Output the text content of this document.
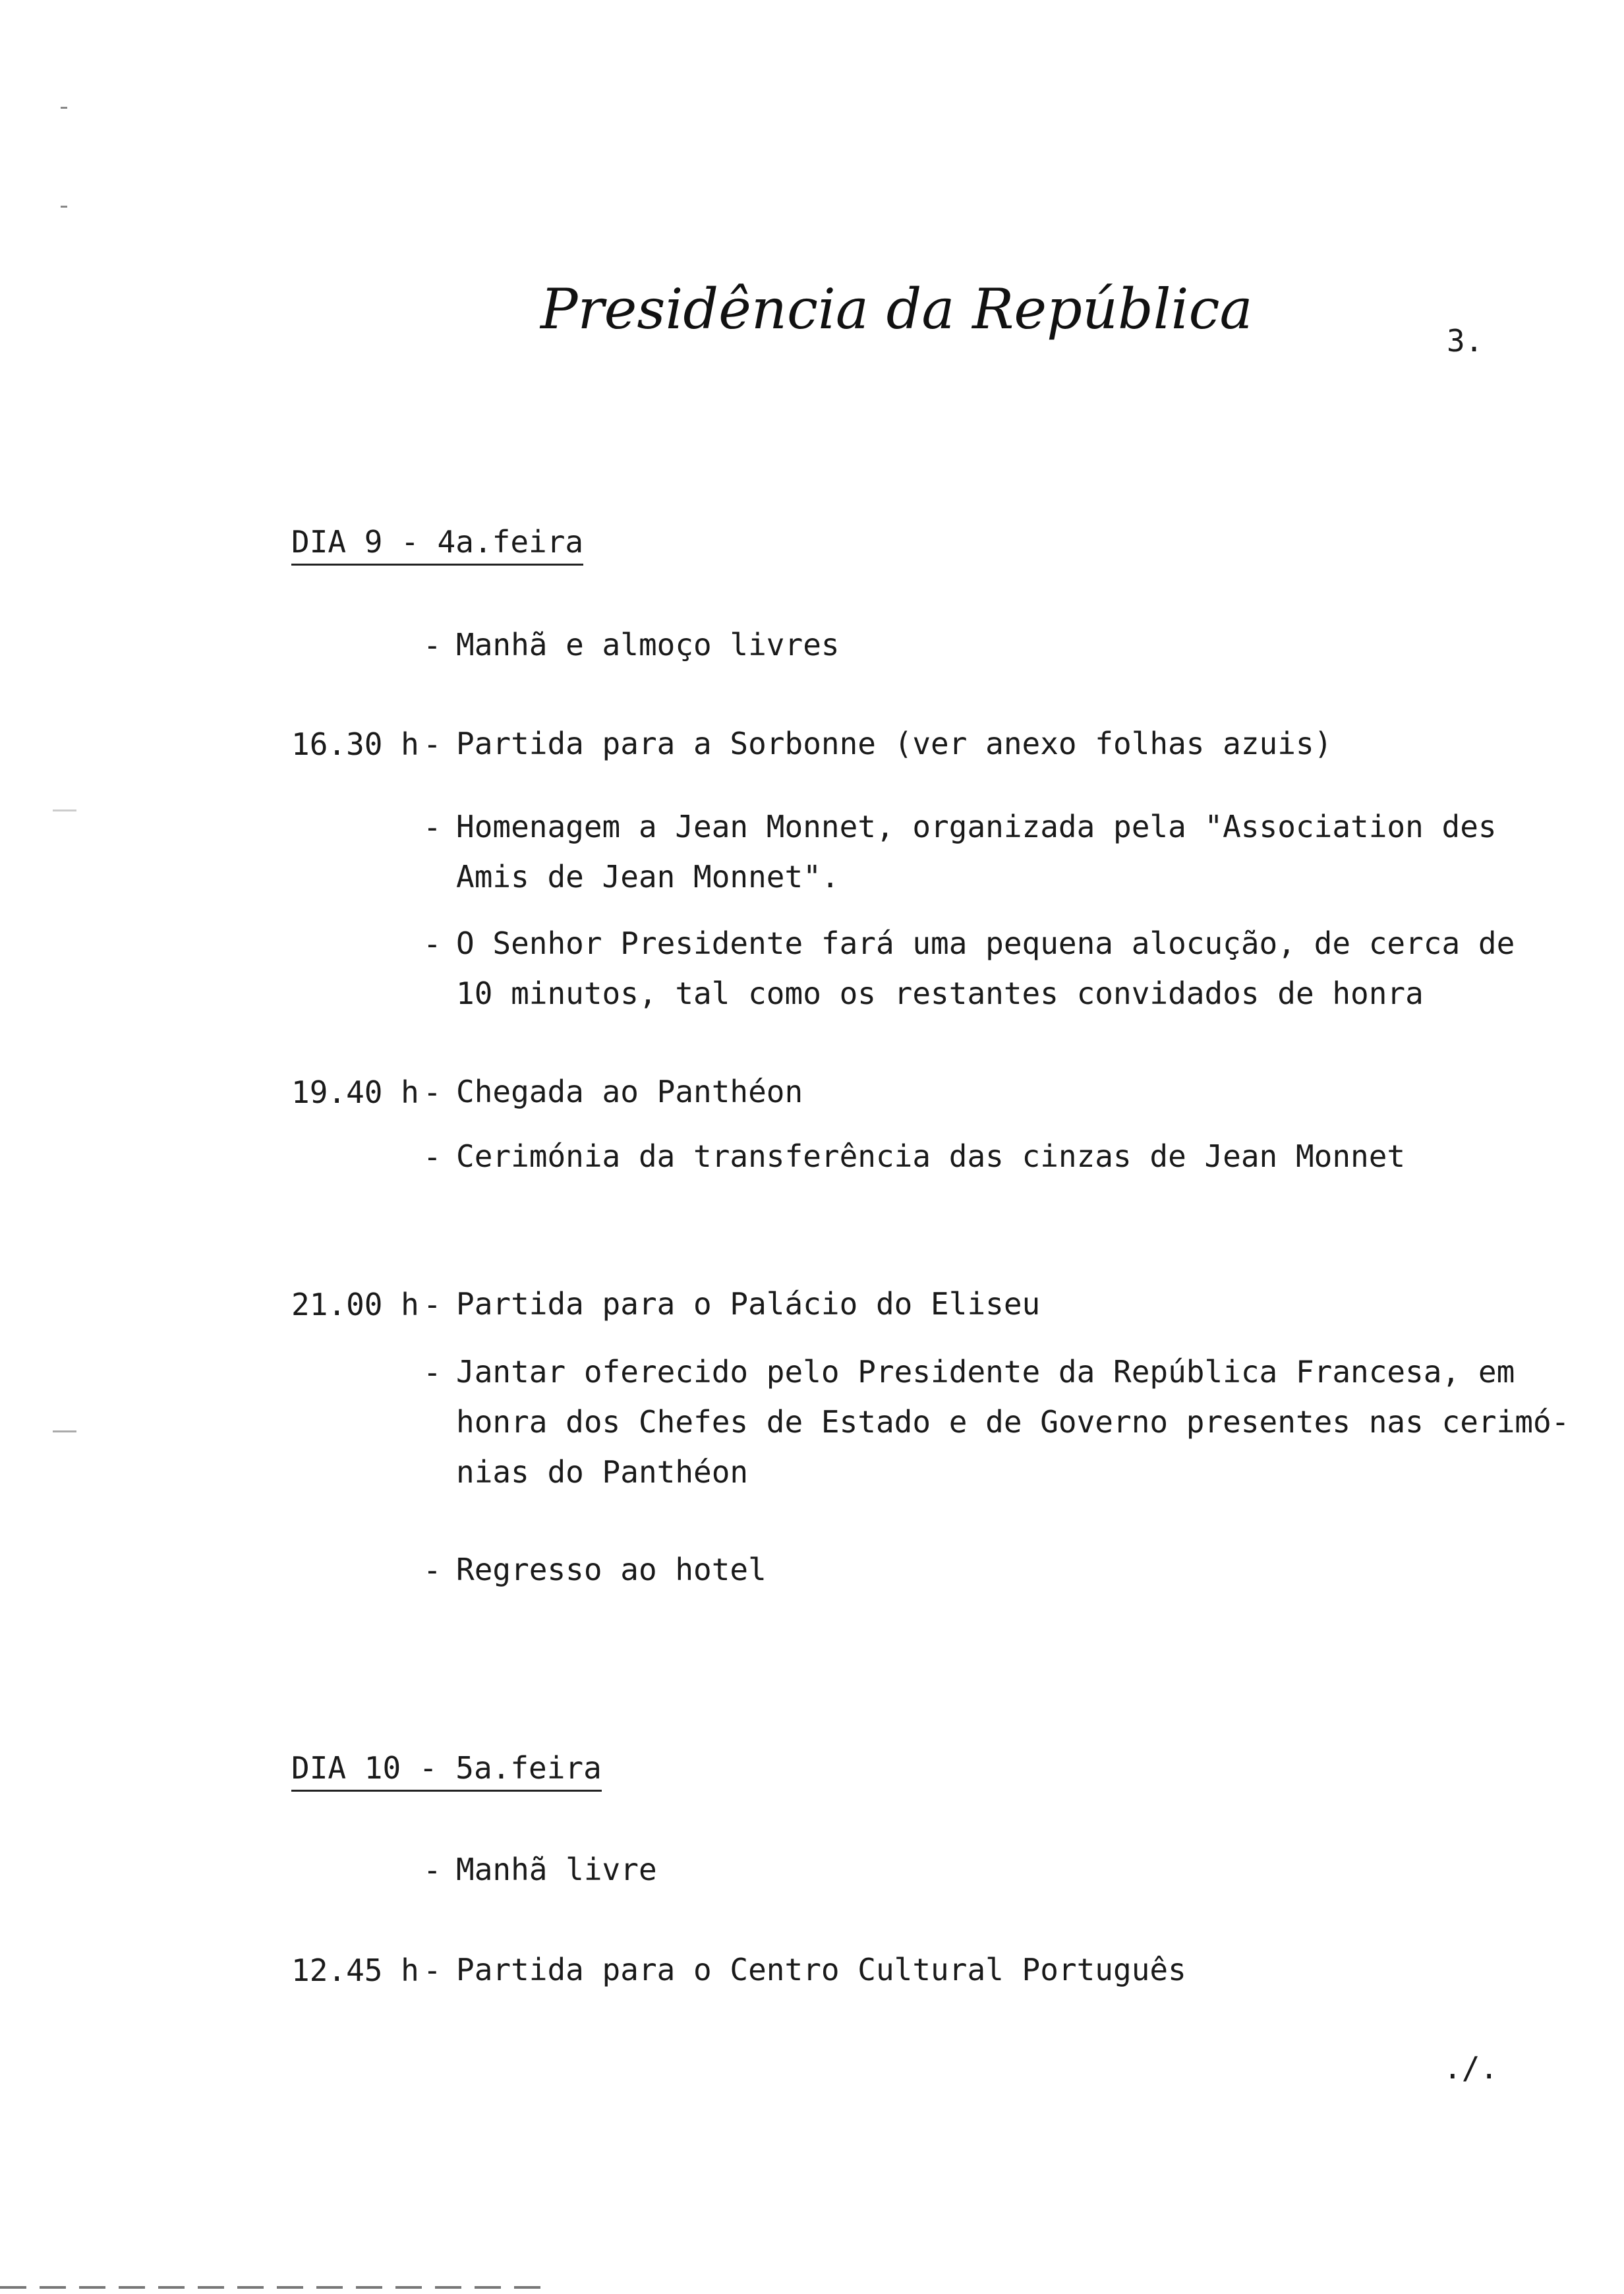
Presidência da República	3.
DIA 9 - 4a.feira
- Manhã e almoço livres
16.30 h - Partida para a Sorbonne (ver anexo folhas azuis)
- Homenagem a Jean Monnet, organizada pela "Association des
Amis de Jean Monnet".
- O Senhor Presidente fará uma pequena alocução, de cerca de
10 minutos, tal como os restantes convidados de honra
19.40 h - Chegada ao Panthéon
- Cerimónia da transferência das cinzas de Jean Monnet
21.00 h - Partida para o Palácio do Eliseu
- Jantar oferecido pelo Presidente da República Francesa, em
honra dos Chefes de Estado e de Governo presentes nas cerimó-
nias do Panthéon
- Regresso ao hotel
DIA 10 - 5a.feira
- Manhã livre
12.45 h - Partida para o Centro Cultural Português
./.
